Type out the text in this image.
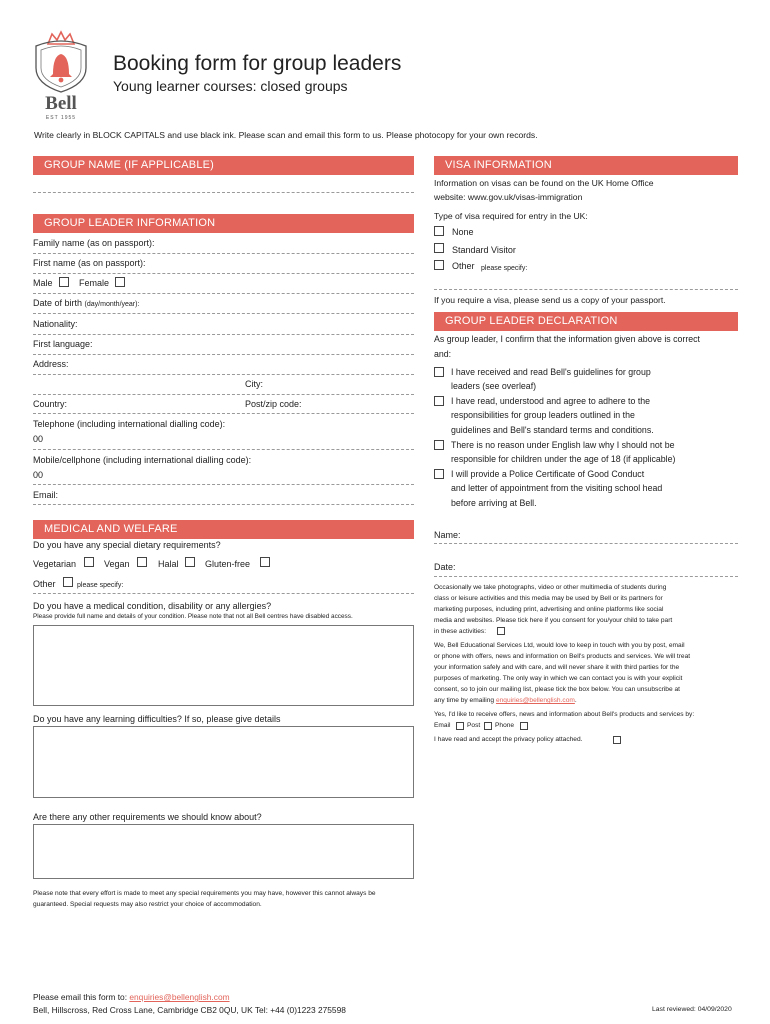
Bell
EST 1955
Booking form for group leaders
Young learner courses: closed groups
Write clearly in BLOCK CAPITALS and use black ink. Please scan and email this form to us. Please photocopy for your own records.
GROUP NAME (IF APPLICABLE)
GROUP LEADER INFORMATION
Family name (as on passport):
First name (as on passport):
Male	Female
Date of birth (day/month/year):
Nationality:
First language:
Address:
City:
Country:	Post/zip code:
Telephone (including international dialling code):
00
Mobile/cellphone (including international dialling code):
00
Email:
MEDICAL AND WELFARE
Do you have any special dietary requirements?
Vegetarian	Vegan	Halal	Gluten-free
Other	please specify:
Do you have a medical condition, disability or any allergies?
Please provide full name and details of your condition. Please note that not all Bell centres have disabled access.
Do you have any learning difficulties? If so, please give details
Are there any other requirements we should know about?
Please note that every effort is made to meet any special requirements you may have, however this cannot always be
guaranteed. Special requests may also restrict your choice of accommodation.
VISA INFORMATION
Information on visas can be found on the UK Home Office
website: www.gov.uk/visas-immigration
Type of visa required for entry in the UK:
None
Standard Visitor
Other please specify:
If you require a visa, please send us a copy of your passport.
GROUP LEADER DECLARATION
As group leader, I confirm that the information given above is correct
and:
I have received and read Bell's guidelines for group
leaders (see overleaf)
I have read, understood and agree to adhere to the
responsibilities for group leaders outlined in the
guidelines and Bell's standard terms and conditions.
There is no reason under English law why I should not be
responsible for children under the age of 18 (if applicable)
I will provide a Police Certificate of Good Conduct
and letter of appointment from the visiting school head
before arriving at Bell.
Name:
Date:
Occasionally we take photographs, video or other multimedia of students during
class or leisure activities and this media may be used by Bell or its partners for
marketing purposes, including print, advertising and online platforms like social
media and websites. Please tick here if you consent for you/your child to take part
in these activities:
We, Bell Educational Services Ltd, would love to keep in touch with you by post, email
or phone with offers, news and information on Bell's products and services. We will treat
your information safely and with care, and will never share it with third parties for the
purposes of marketing. The only way in which we can contact you is with your explicit
consent, so to join our mailing list, please tick the box below. You can unsubscribe at
any time by emailing enquiries@bellenglish.com.
Yes, I'd like to receive offers, news and information about Bell's products and services by:
Email	Post Phone
I have read and accept the privacy policy attached.
Please email this form to: enquiries@bellenglish.com
Bell, Hillscross, Red Cross Lane, Cambridge CB2 0QU, UK Tel: +44 (0)1223 275598	Last reviewed: 04/09/2020
